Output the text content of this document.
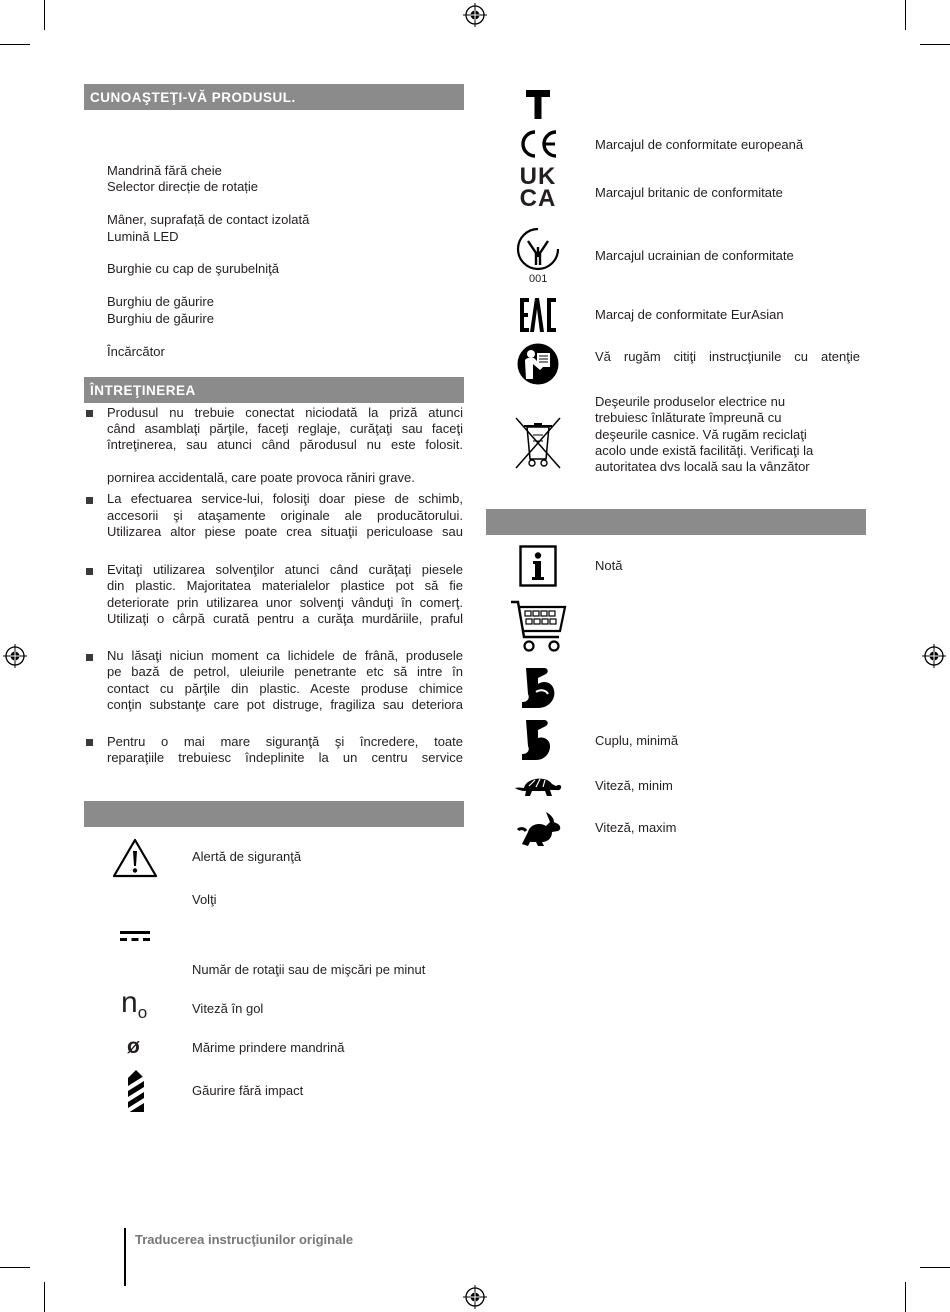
CUNOAŞTEŢI-VĂ PRODUSUL.
Mandrină fără cheie
Selector direcție de rotație
Mâner, suprafață de contact izolată
Lumină LED
Burghie cu cap de şurubelniţă
Burghiu de găurire
Burghiu de găurire
Încărcător
ÎNTREŢINEREA
Produsul nu trebuie conectat niciodată la priză atunci
când asamblaţi părţile, faceţi reglaje, curăţaţi sau faceţi
întreţinerea, sau atunci când părodusul nu este folosit.
pornirea accidentală, care poate provoca răniri grave.
La efectuarea service-lui, folosiţi doar piese de schimb,
accesorii şi ataşamente originale ale producătorului.
Utilizarea altor piese poate crea situaţii periculoase sau
Evitaţi utilizarea solvenţilor atunci când curăţaţi piesele
din plastic. Majoritatea materialelor plastice pot să fie
deteriorate prin utilizarea unor solvenţi vânduţi în comerţ.
Utilizaţi o cârpă curată pentru a curăţa murdăriile, praful
Nu lăsaţi niciun moment ca lichidele de frână, produsele
pe bază de petrol, uleiurile penetrante etc să intre în
contact cu părţile din plastic. Aceste produse chimice
conţin substanţe care pot distruge, fragiliza sau deteriora
Pentru o mai mare siguranţă şi încredere, toate
reparaţiile trebuiesc îndeplinite la un centru service
Alertă de siguranţă
Volţi
Număr de rotaţii sau de mişcări pe minut
$n_o$	Viteză în gol
ø	Mărime prindere mandrină
Găurire fără impact
Marcajul de conformitate europeană
UK
CA	Marcajul britanic de conformitate
001
Marcajul ucrainian de conformitate
Marcaj de conformitate EurAsian
Vă rugăm citiţi instrucţiunile cu atenţie
Deşeurile produselor electrice nu
trebuiesc înlăturate împreună cu
deşeurile casnice. Vă rugăm reciclaţi
acolo unde există facilităţi. Verificaţi la
autoritatea dvs locală sau la vânzător
Notă
Cuplu, minimă
Viteză, minim
Viteză, maxim
Traducerea instrucţiunilor originale
